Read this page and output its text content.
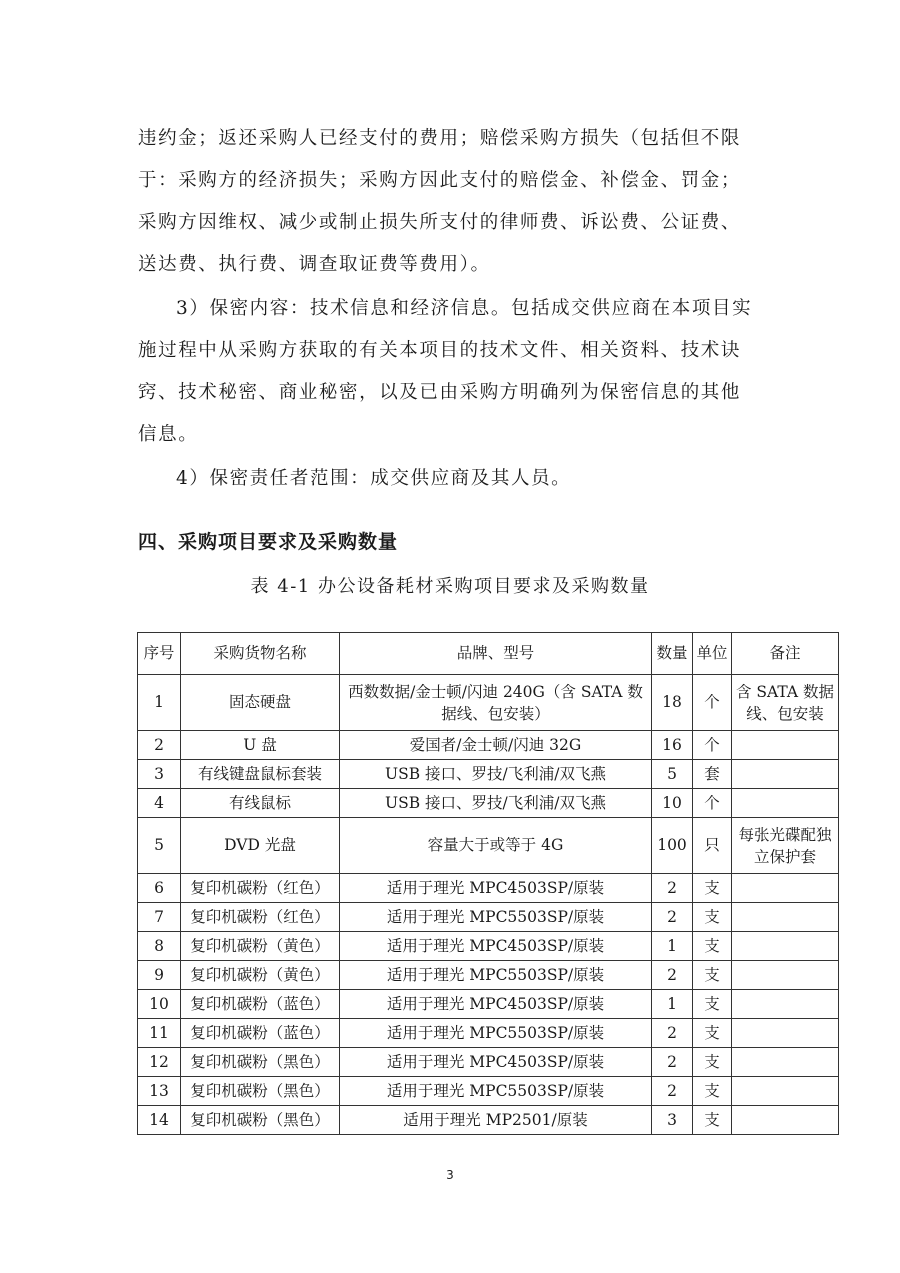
违约金；返还采购人已经支付的费用；赔偿采购方损失（包括但不限
于：采购方的经济损失；采购方因此支付的赔偿金、补偿金、罚金；
采购方因维权、减少或制止损失所支付的律师费、诉讼费、公证费、
送达费、执行费、调查取证费等费用）。

3）保密内容：技术信息和经济信息。包括成交供应商在本项目实
施过程中从采购方获取的有关本项目的技术文件、相关资料、技术诀
窍、技术秘密、商业秘密，以及已由采购方明确列为保密信息的其他
信息。

4）保密责任者范围：成交供应商及其人员。

四、采购项目要求及采购数量

表 4-1 办公设备耗材采购项目要求及采购数量

序号	采购货物名称	品牌、型号	数量	单位	备注
1	固态硬盘	西数数据/金士顿/闪迪 240G（含 SATA 数据线、包安装）	18	个	含 SATA 数据线、包安装
2	U 盘	爱国者/金士顿/闪迪 32G	16	个	
3	有线键盘鼠标套装	USB 接口、罗技/飞利浦/双飞燕	5	套	
4	有线鼠标	USB 接口、罗技/飞利浦/双飞燕	10	个	
5	DVD 光盘	容量大于或等于 4G	100	只	每张光碟配独立保护套
6	复印机碳粉（红色）	适用于理光 MPC4503SP/原装	2	支	
7	复印机碳粉（红色）	适用于理光 MPC5503SP/原装	2	支	
8	复印机碳粉（黄色）	适用于理光 MPC4503SP/原装	1	支	
9	复印机碳粉（黄色）	适用于理光 MPC5503SP/原装	2	支	
10	复印机碳粉（蓝色）	适用于理光 MPC4503SP/原装	1	支	
11	复印机碳粉（蓝色）	适用于理光 MPC5503SP/原装	2	支	
12	复印机碳粉（黑色）	适用于理光 MPC4503SP/原装	2	支	
13	复印机碳粉（黑色）	适用于理光 MPC5503SP/原装	2	支	
14	复印机碳粉（黑色）	适用于理光 MP2501/原装	3	支	

3
